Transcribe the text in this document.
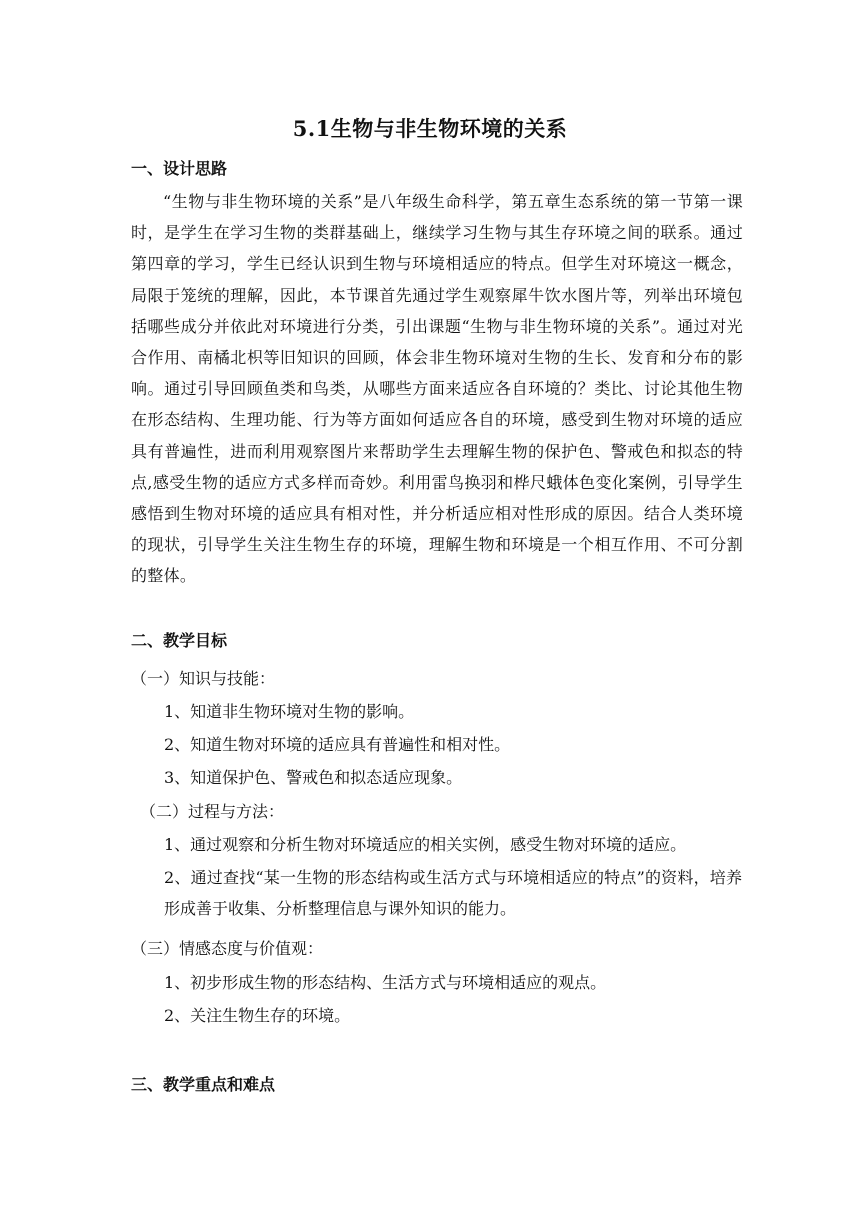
5.1生物与非生物环境的关系
一、设计思路
“生物与非生物环境的关系”是八年级生命科学，第五章生态系统的第一节第一课时，是学生在学习生物的类群基础上，继续学习生物与其生存环境之间的联系。通过第四章的学习，学生已经认识到生物与环境相适应的特点。但学生对环境这一概念，局限于笼统的理解，因此，本节课首先通过学生观察犀牛饮水图片等，列举出环境包括哪些成分并依此对环境进行分类，引出课题“生物与非生物环境的关系”。通过对光合作用、南橘北枳等旧知识的回顾，体会非生物环境对生物的生长、发育和分布的影响。通过引导回顾鱼类和鸟类，从哪些方面来适应各自环境的？类比、讨论其他生物在形态结构、生理功能、行为等方面如何适应各自的环境，感受到生物对环境的适应具有普遍性，进而利用观察图片来帮助学生去理解生物的保护色、警戒色和拟态的特点,感受生物的适应方式多样而奇妙。利用雷鸟换羽和桦尺蛾体色变化案例，引导学生感悟到生物对环境的适应具有相对性，并分析适应相对性形成的原因。结合人类环境的现状，引导学生关注生物生存的环境，理解生物和环境是一个相互作用、不可分割的整体。
二、教学目标
（一）知识与技能：
1、知道非生物环境对生物的影响。
2、知道生物对环境的适应具有普遍性和相对性。
3、知道保护色、警戒色和拟态适应现象。
（二）过程与方法：
1、通过观察和分析生物对环境适应的相关实例，感受生物对环境的适应。
2、通过查找“某一生物的形态结构或生活方式与环境相适应的特点”的资料，培养形成善于收集、分析整理信息与课外知识的能力。
（三）情感态度与价值观：
1、初步形成生物的形态结构、生活方式与环境相适应的观点。
2、关注生物生存的环境。
三、教学重点和难点
